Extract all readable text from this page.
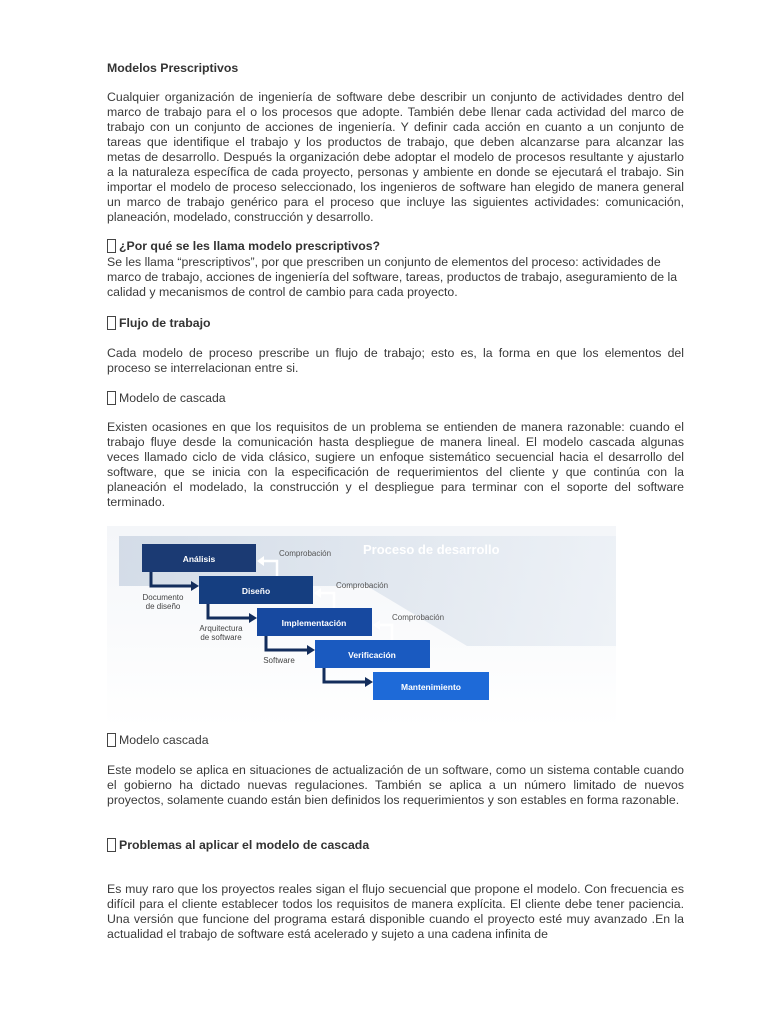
Modelos Prescriptivos
Cualquier organización de ingeniería de software debe describir un conjunto de actividades dentro del marco de trabajo para el o los procesos que adopte. También debe llenar cada actividad del marco de trabajo con un conjunto de acciones de ingeniería. Y definir cada acción en cuanto a un conjunto de tareas que identifique el trabajo y los productos de trabajo, que deben alcanzarse para alcanzar las metas de desarrollo. Después la organización debe adoptar el modelo de procesos resultante y ajustarlo a la naturaleza específica de cada proyecto, personas y ambiente en donde se ejecutará el trabajo. Sin importar el modelo de proceso seleccionado, los ingenieros de software han elegido de manera general un marco de trabajo genérico para el proceso que incluye las siguientes actividades: comunicación, planeación, modelado, construcción y desarrollo.
¿Por qué se les llama modelo prescriptivos?
Se les llama “prescriptivos”, por que prescriben un conjunto de elementos del proceso: actividades de marco de trabajo, acciones de ingeniería del software, tareas, productos de trabajo, aseguramiento de la calidad y mecanismos de control de cambio para cada proyecto.
Flujo de trabajo
Cada modelo de proceso prescribe un flujo de trabajo; esto es, la forma en que los elementos del proceso se interrelacionan entre si.
Modelo de cascada
Existen ocasiones en que los requisitos de un problema se entienden de manera razonable: cuando el trabajo fluye desde la comunicación hasta despliegue de manera lineal. El modelo cascada algunas veces llamado ciclo de vida clásico, sugiere un enfoque sistemático secuencial hacia el desarrollo del software, que se inicia con la especificación de requerimientos del cliente y que continúa con la planeación el modelado, la construcción y el despliegue para terminar con el soporte del software terminado.
Proceso de desarrollo
Análisis
Diseño
Implementación
Verificación
Mantenimiento
Comprobación
Comprobación
Comprobación
Documento
de diseño
Arquitectura
de software
Software
Modelo cascada
Este modelo se aplica en situaciones de actualización de un software, como un sistema contable cuando el gobierno ha dictado nuevas regulaciones. También se aplica a un número limitado de nuevos proyectos, solamente cuando están bien definidos los requerimientos y son estables en forma razonable.
Problemas al aplicar el modelo de cascada
Es muy raro que los proyectos reales sigan el flujo secuencial que propone el modelo. Con frecuencia es difícil para el cliente establecer todos los requisitos de manera explícita. El cliente debe tener paciencia. Una versión que funcione del programa estará disponible cuando el proyecto esté muy avanzado .En la actualidad el trabajo de software está acelerado y sujeto a una cadena infinita de
